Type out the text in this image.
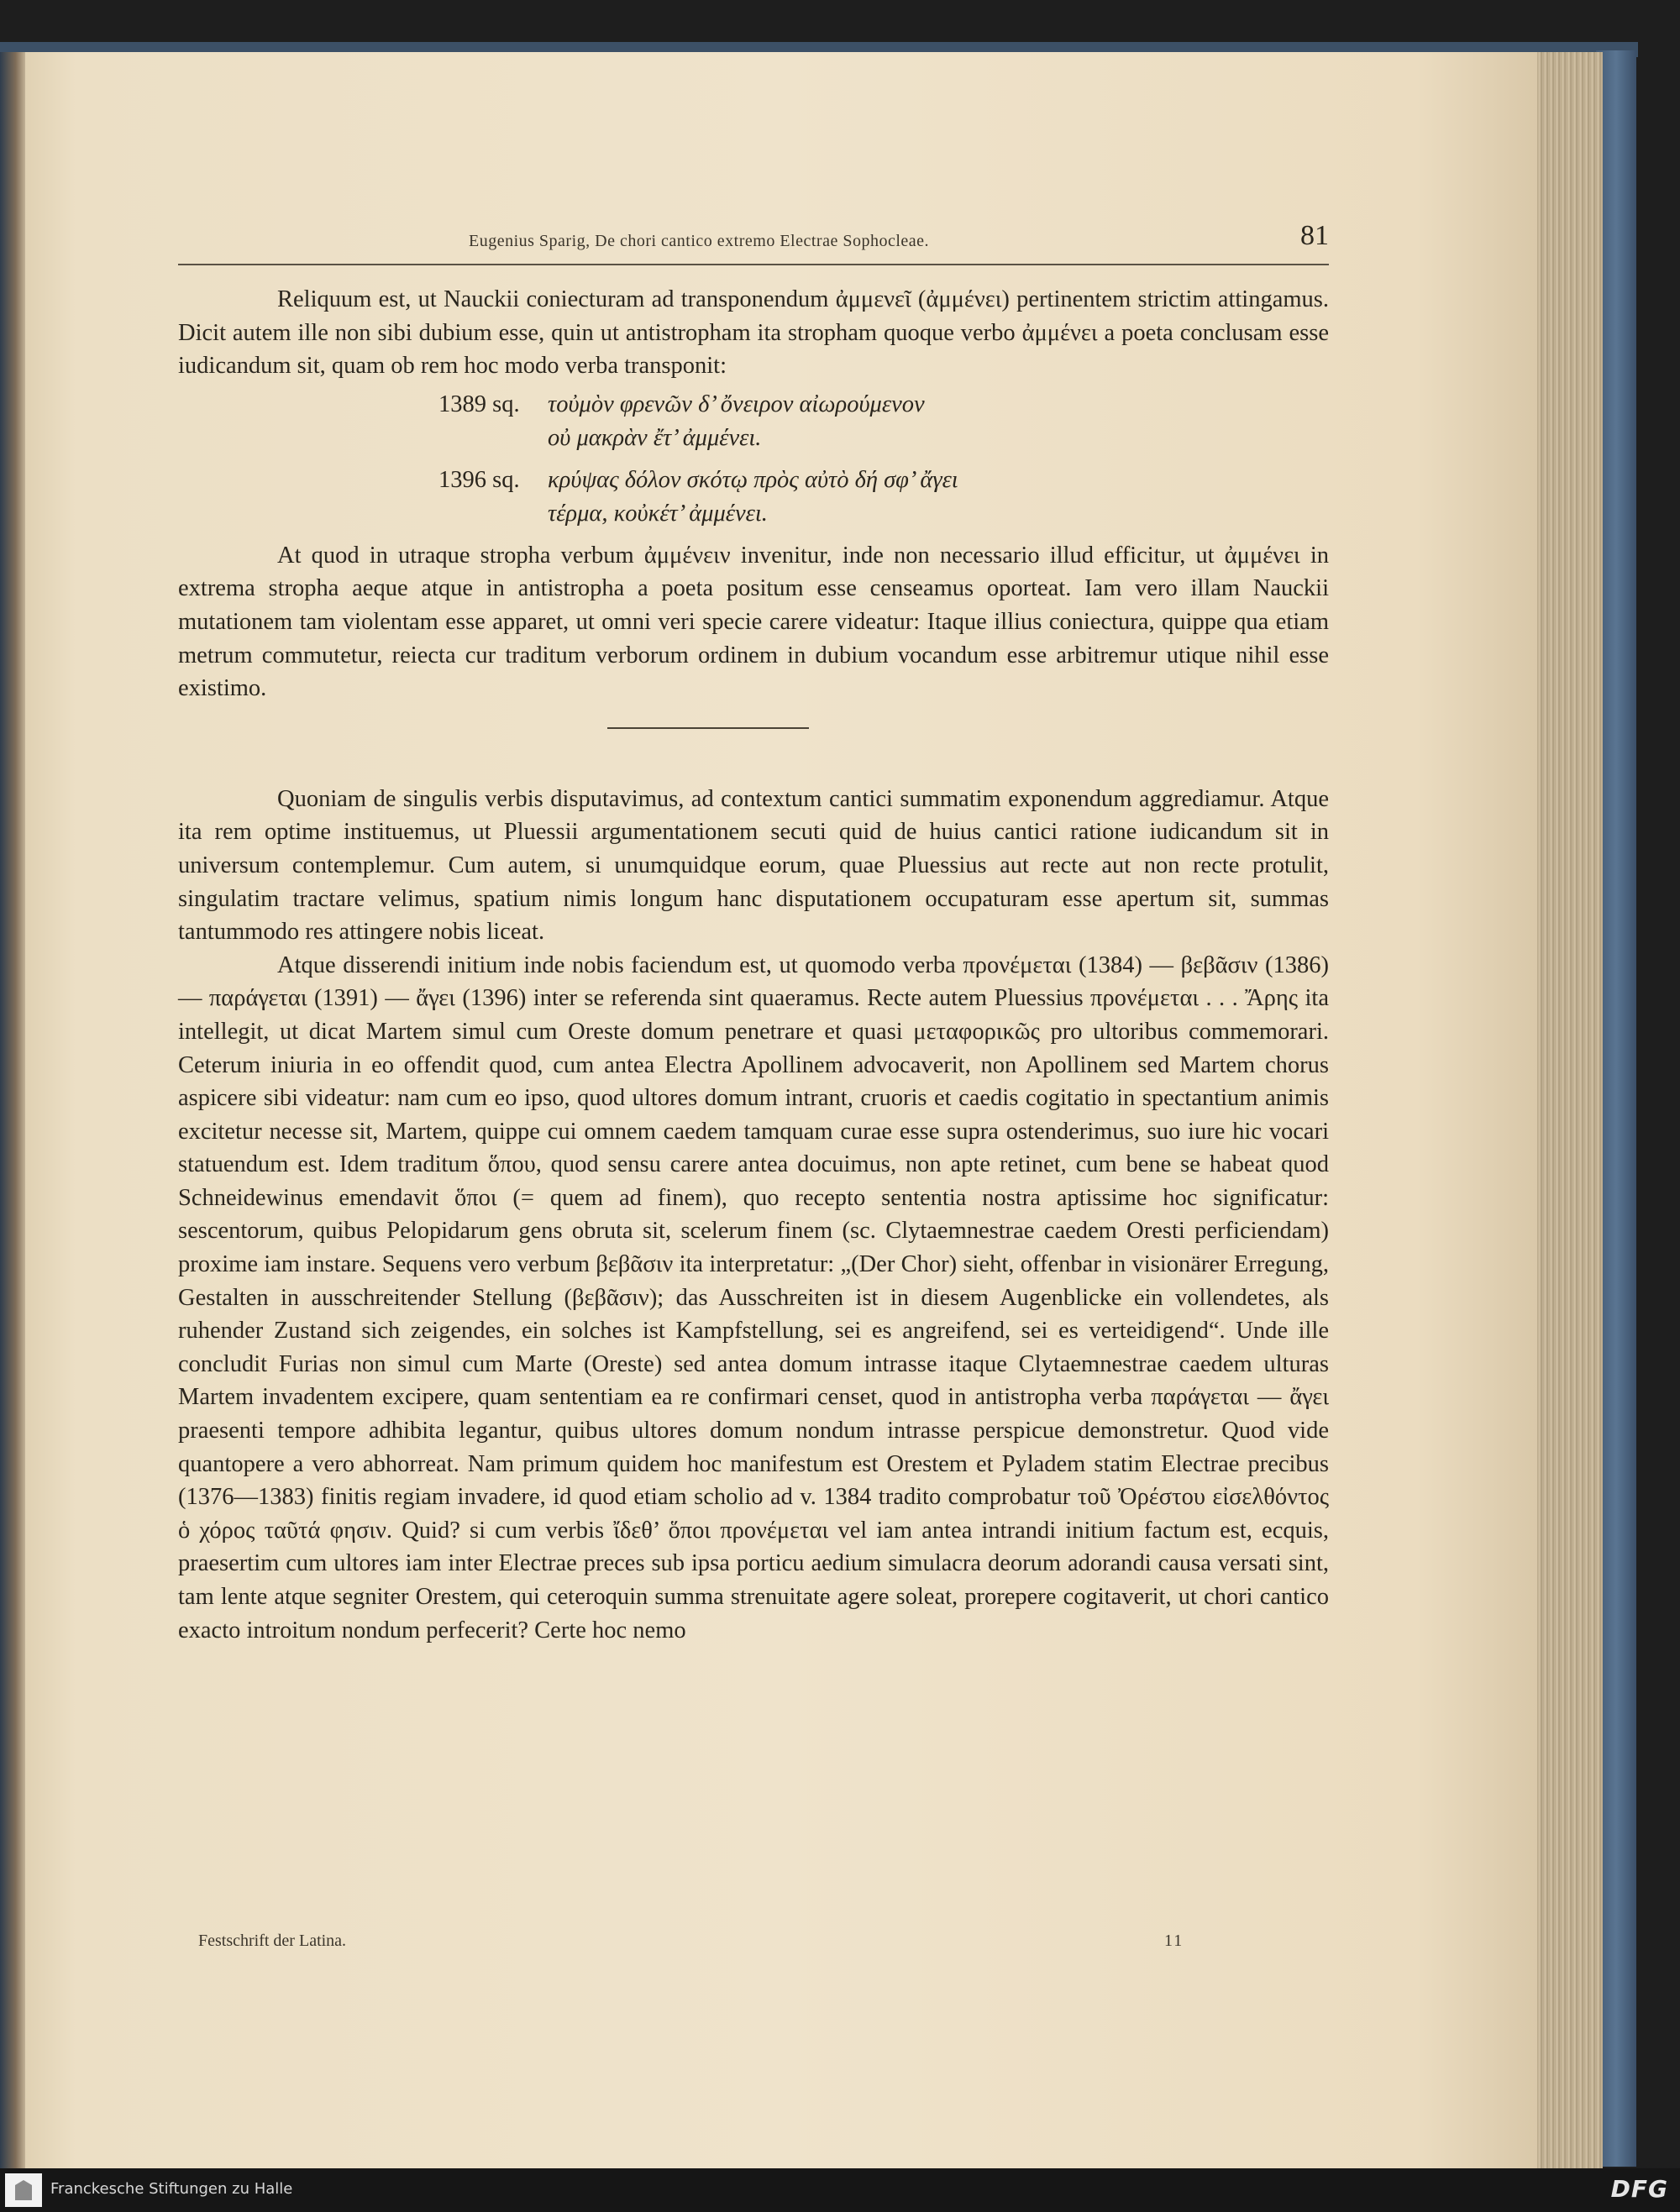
Eugenius Sparig, De chori cantico extremo Electrae Sophocleae.	81

Reliquum est, ut Nauckii coniecturam ad transponendum ἀμμενεῖ (ἀμμένει) pertinentem strictim attingamus. Dicit autem ille non sibi dubium esse, quin ut antistropham ita stropham quoque verbo ἀμμένει a poeta conclusam esse iudicandum sit, quam ob rem hoc modo verba transponit:

1389 sq.	τοὐμὸν φρενῶν δ’ ὄνειρον αἰωρούμενον
οὐ μακρὰν ἔτ’ ἀμμένει.
1396 sq.	κρύψας δόλον σκότῳ πρὸς αὐτὸ δή σφ’ ἄγει
τέρμα, κοὐκέτ’ ἀμμένει.

At quod in utraque stropha verbum ἀμμένειν invenitur, inde non necessario illud efficitur, ut ἀμμένει in extrema stropha aeque atque in antistropha a poeta positum esse censeamus oporteat. Iam vero illam Nauckii mutationem tam violentam esse apparet, ut omni veri specie carere videatur: Itaque illius coniectura, quippe qua etiam metrum commutetur, reiecta cur traditum verborum ordinem in dubium vocandum esse arbitremur utique nihil esse existimo.

Quoniam de singulis verbis disputavimus, ad contextum cantici summatim exponendum aggrediamur. Atque ita rem optime instituemus, ut Pluessii argumentationem secuti quid de huius cantici ratione iudicandum sit in universum contemplemur. Cum autem, si unumquidque eorum, quae Pluessius aut recte aut non recte protulit, singulatim tractare velimus, spatium nimis longum hanc disputationem occupaturam esse apertum sit, summas tantummodo res attingere nobis liceat.

Atque disserendi initium inde nobis faciendum est, ut quomodo verba προνέμεται (1384) — βεβᾶσιν (1386) — παράγεται (1391) — ἄγει (1396) inter se referenda sint quaeramus. Recte autem Pluessius προνέμεται . . . Ἄρης ita intellegit, ut dicat Martem simul cum Oreste domum penetrare et quasi μεταφορικῶς pro ultoribus commemorari. Ceterum iniuria in eo offendit quod, cum antea Electra Apollinem advocaverit, non Apollinem sed Martem chorus aspicere sibi videatur: nam cum eo ipso, quod ultores domum intrant, cruoris et caedis cogitatio in spectantium animis excitetur necesse sit, Martem, quippe cui omnem caedem tamquam curae esse supra ostenderimus, suo iure hic vocari statuendum est. Idem traditum ὅπου, quod sensu carere antea docuimus, non apte retinet, cum bene se habeat quod Schneidewinus emendavit ὅποι (= quem ad finem), quo recepto sententia nostra aptissime hoc significatur: sescentorum, quibus Pelopidarum gens obruta sit, scelerum finem (sc. Clytaemnestrae caedem Oresti perficiendam) proxime iam instare. Sequens vero verbum βεβᾶσιν ita interpretatur: „(Der Chor) sieht, offenbar in visionärer Erregung, Gestalten in ausschreitender Stellung (βεβᾶσιν); das Ausschreiten ist in diesem Augenblicke ein vollendetes, als ruhender Zustand sich zeigendes, ein solches ist Kampfstellung, sei es angreifend, sei es verteidigend“. Unde ille concludit Furias non simul cum Marte (Oreste) sed antea domum intrasse itaque Clytaemnestrae caedem ulturas Martem invadentem excipere, quam sententiam ea re confirmari censet, quod in antistropha verba παράγεται — ἄγει praesenti tempore adhibita legantur, quibus ultores domum nondum intrasse perspicue demonstretur. Quod vide quantopere a vero abhorreat. Nam primum quidem hoc manifestum est Orestem et Pyladem statim Electrae precibus (1376—1383) finitis regiam invadere, id quod etiam scholio ad v. 1384 tradito comprobatur τοῦ Ὀρέστου εἰσελθόντος ὁ χόρος ταῦτά φησιν. Quid? si cum verbis ἴδεθ’ ὅποι προνέμεται vel iam antea intrandi initium factum est, ecquis, praesertim cum ultores iam inter Electrae preces sub ipsa porticu aedium simulacra deorum adorandi causa versati sint, tam lente atque segniter Orestem, qui ceteroquin summa strenuitate agere soleat, prorepere cogitaverit, ut chori cantico exacto introitum nondum perfecerit? Certe hoc nemo

Festschrift der Latina.	11
Franckesche Stiftungen zu Halle	DFG
